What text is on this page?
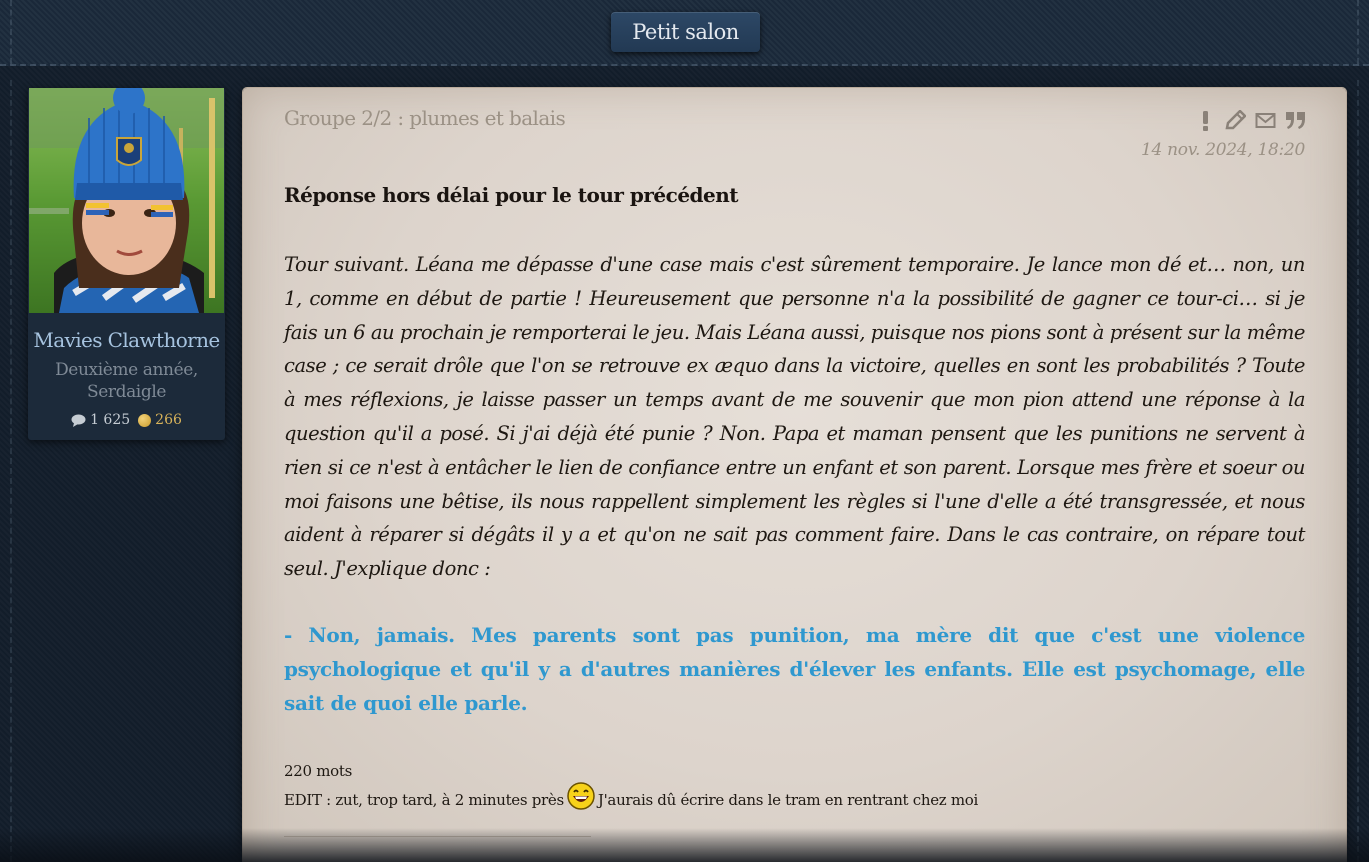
Petit salon
Mavies Clawthorne
Deuxième année, Serdaigle
1 625 266
Groupe 2/2 : plumes et balais
14 nov. 2024, 18:20
Réponse hors délai pour le tour précédent
Tour suivant. Léana me dépasse d'une case mais c'est sûrement temporaire. Je lance mon dé et… non, un 1, comme en début de partie ! Heureusement que personne n'a la possibilité de gagner ce tour-ci… si je fais un 6 au prochain je remporterai le jeu. Mais Léana aussi, puisque nos pions sont à présent sur la même case ; ce serait drôle que l'on se retrouve ex æquo dans la victoire, quelles en sont les probabilités ? Toute à mes réflexions, je laisse passer un temps avant de me souvenir que mon pion attend une réponse à la question qu'il a posé. Si j'ai déjà été punie ? Non. Papa et maman pensent que les punitions ne servent à rien si ce n'est à entâcher le lien de confiance entre un enfant et son parent. Lorsque mes frère et soeur ou moi faisons une bêtise, ils nous rappellent simplement les règles si l'une d'elle a été transgressée, et nous aident à réparer si dégâts il y a et qu'on ne sait pas comment faire. Dans le cas contraire, on répare tout seul. J'explique donc :
- Non, jamais. Mes parents sont pas punition, ma mère dit que c'est une violence psychologique et qu'il y a d'autres manières d'élever les enfants. Elle est psychomage, elle sait de quoi elle parle.
220 mots
EDIT : zut, trop tard, à 2 minutes près J'aurais dû écrire dans le tram en rentrant chez moi
